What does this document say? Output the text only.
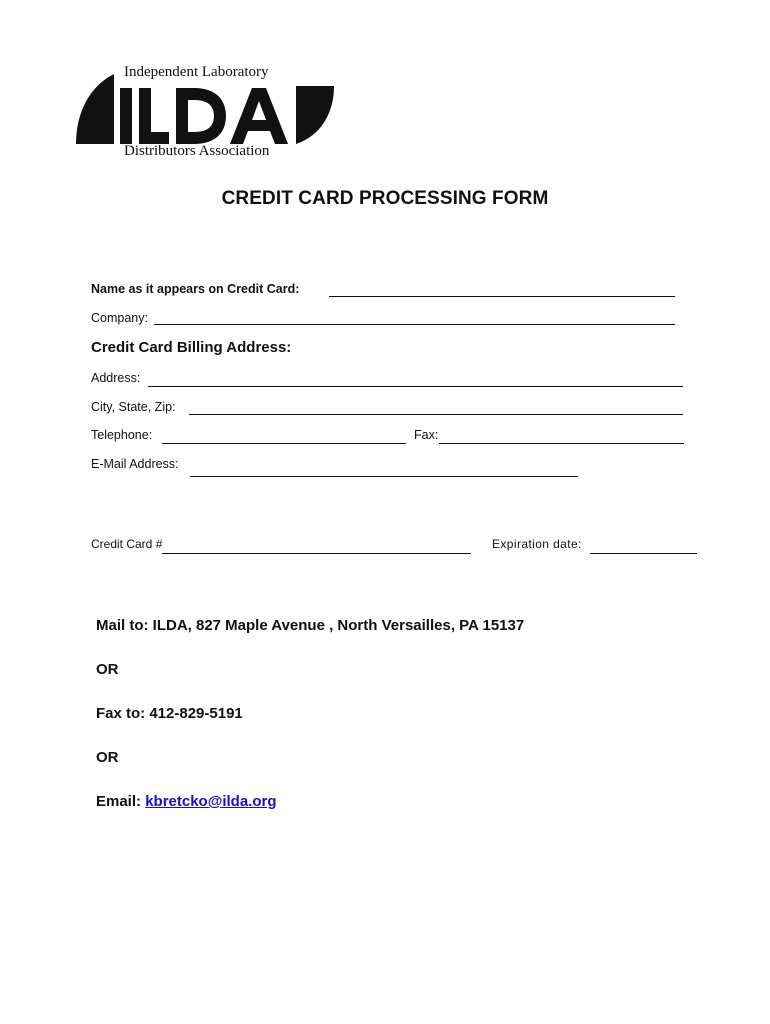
Independent Laboratory
Distributors Association
CREDIT CARD PROCESSING FORM
Name as it appears on Credit Card:
Company:
Credit Card Billing Address:
Address:
City, State, Zip:
Telephone:	Fax:
E-Mail Address:
Credit Card #	Expiration date:
Mail to: ILDA, 827 Maple Avenue , North Versailles, PA 15137
OR
Fax to: 412-829-5191
OR
Email: kbretcko@ilda.org
